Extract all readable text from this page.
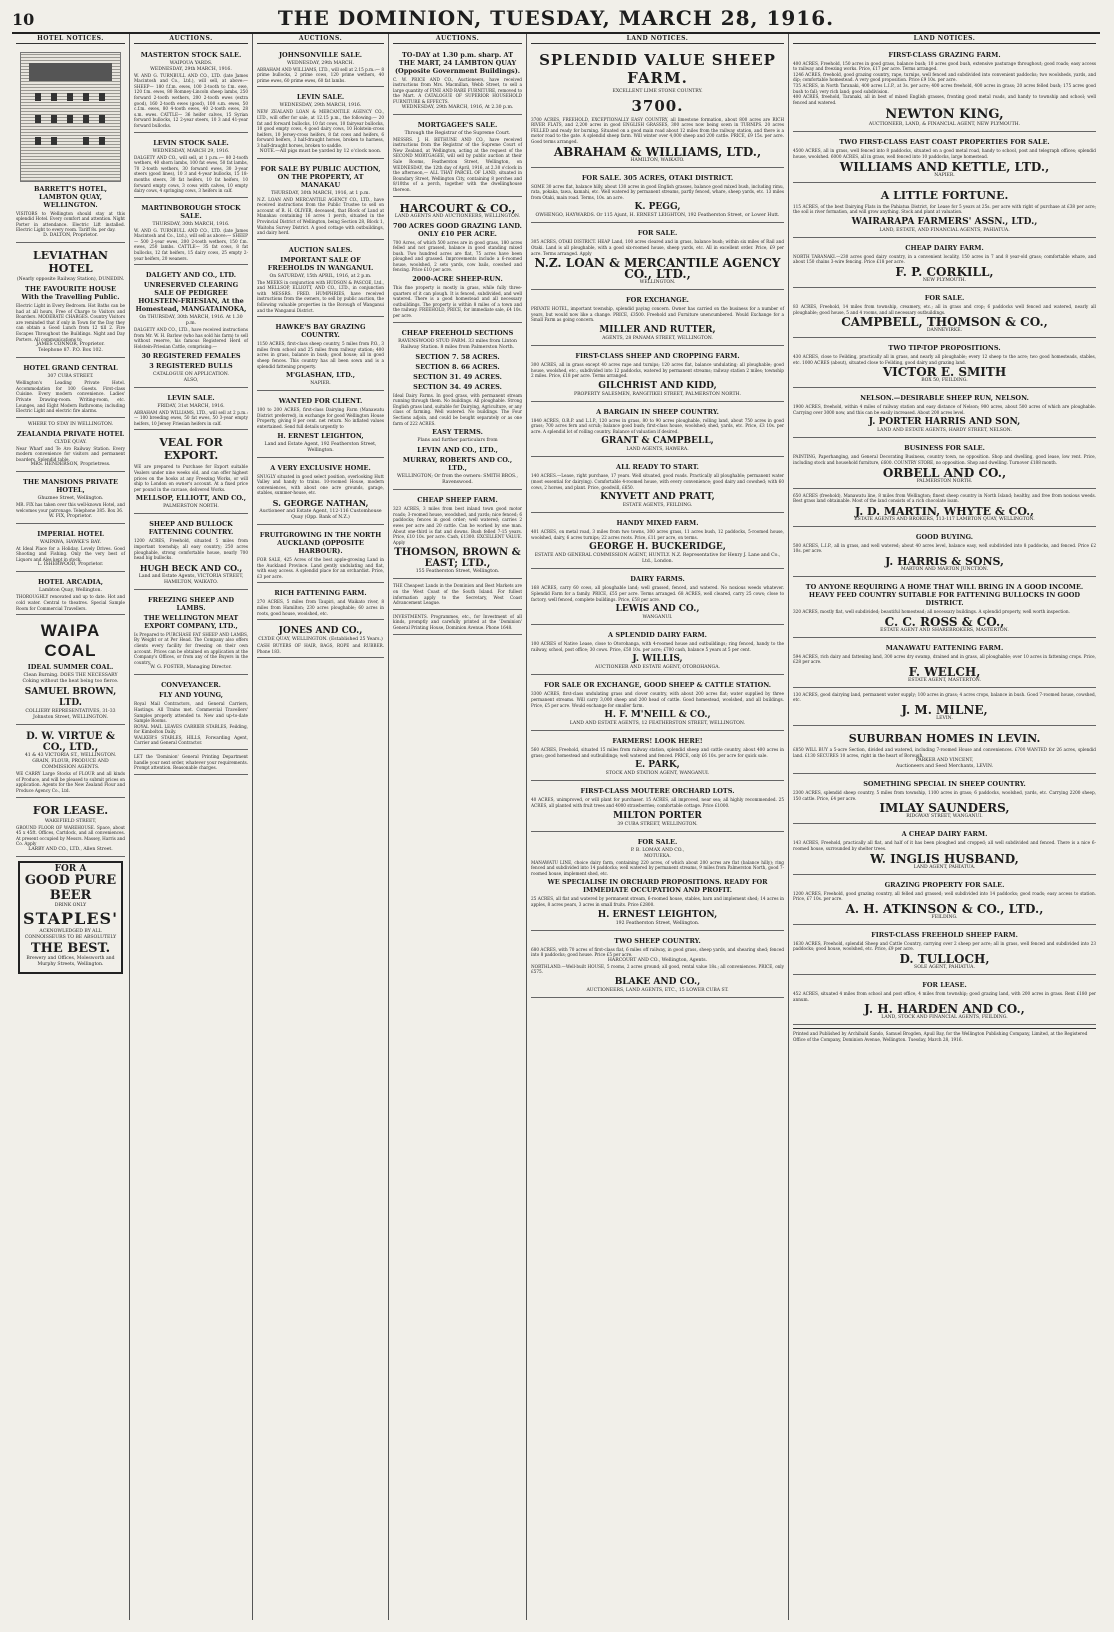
10	THE DOMINION, TUESDAY, MARCH 28, 1916.
HOTEL NOTICES.
BARRETT'S HOTEL, LAMBTON QUAY, WELLINGTON.
VISITORS to Wellington should stay at this splendid Hotel. Every comfort and attention. Night Porter in attendance. Electric Lift installed. Electric Light to every room. Tariff 8s. per day.
D. DALTON, Proprietor.
LEVIATHAN HOTEL
(Nearly opposite Railway Station), DUNEDIN.
THE FAVOURITE HOUSE With the Travelling Public.
Electric Light in Every Bedroom. Hot Baths can be had at all hours, Free of Charge to Visitors and Boarders. MODERATE CHARGES. Country Visitors are reminded that if only in Town for the Day they can obtain a Good Lunch from 12 till 2. Fire Escapes Throughout the Buildings. Night and Day Porters. All communications to
JAMES CONNOR, Proprietor.
Telephone 87. P.O. Box 102.
HOTEL GRAND CENTRAL
307 CUBA STREET.
Wellington's Leading Private Hotel. Accommodation for 100 Guests. First-class Cuisine. Every modern convenience. Ladies' Private Drawing-room. Writing-room, etc. Lounges, and Eight Modern Bathrooms; including Electric Light and electric fire alarms.
WHERE TO STAY IN WELLINGTON.
ZEALANDIA PRIVATE HOTEL
CLYDE QUAY.
Near Wharf and Te Aro Railway Station. Every modern convenience for visitors and permanent boarders. Splendid table.
MRS. HENDERSON, Proprietress.
THE MANSIONS PRIVATE HOTEL,
Ghuznee Street, Wellington.
MR. FIX has taken over this well-known Hotel, and welcomes your patronage. Telephone 385. Box 36.
W. FIX, Proprietor.
IMPERIAL HOTEL
WAIPAWA, HAWKE'S BAY.
At Ideal Place for a Holiday. Lovely Drives. Good Shooting and Fishing. Only the very best of Liquors and Ales kept in stock.
L. ISHERWOOD, Proprietor.
HOTEL ARCADIA,
Lambton Quay, Wellington.
THOROUGHLY renovated and up to date. Hot and cold water. Central to theatres. Special Sample Room for Commercial Travellers.
WAIPA COAL
IDEAL SUMMER COAL.
Clean Burning. DOES THE NECESSARY Coking without the heat being too fierce.
SAMUEL BROWN, LTD.
COLLIERY REPRESENTATIVES, 31-33 Johnston Street, WELLINGTON.
D. W. VIRTUE & CO., LTD.,
41 & 43 VICTORIA ST., WELLINGTON. GRAIN, FLOUR, PRODUCE AND COMMISSION AGENTS.
WE CARRY Large Stocks of FLOUR and all kinds of Produce, and will be pleased to submit prices on application. Agents for the New Zealand Flour and Produce Agency Co., Ltd.
FOR LEASE.
WAKEFIELD STREET,
GROUND FLOOR OF WAREHOUSE. Space, about 45 x 45ft. Offices, Cartdock, and all conveniences. At present occupied by Messrs. Massey, Harris and Co. Apply
LARBY AND CO., LTD., Allen Street.
FOR A
GOOD PURE BEER
DRINK ONLY
STAPLES'
ACKNOWLEDGED BY ALL CONNOISSEURS TO BE ABSOLUTELY
THE BEST.
Brewery and Offices, Molesworth and Murphy Streets, Wellington.
AUCTIONS.
MASTERTON STOCK SALE.
WAIPOUA YARDS.
WEDNESDAY, 29th MARCH, 1916.
W. AND G. TURNBULL AND CO., LTD. (late James Macintosh and Co., Ltd.), will sell, at above:— SHEEP— 180 f.f.m. ewes, 100 2-tooth to f.m. ewe, 120 f.m. ewes, 80 Romney-Lincoln sheep lambs, 250 forward 2-tooth wethers, 200 2-tooth ewes (extra good), 160 2-tooth ewes (good), 100 s.m. ewes, 50 c.f.m. ewes, 80 4-tooth ewes, 40 2-tooth ewes, 28 s.m. ewes. CATTLE— 36 heifer calves, 15 Syrian forward bullocks, 12 2-year steers, 10 3 and 41-year forward bullocks.
LEVIN STOCK SALE.
WEDNESDAY, MARCH 29, 1916.
DALGETY AND CO., will sell, at 1 p.m.:— 80 2-tooth wethers, 40 shorn lambs, 100 fat ewes, 50 fat lambs, 70 2-tooth wethers, 30 forward ewes, 30 3-year steers (good lines), 10 3 and 4-year bullocks, 15 18-months steers, 30 fat heifers, 10 fat heifers, 10 forward empty cows, 3 cows with calves, 10 empty dairy cows, 4 springing cows, 3 heifers in calf.
MARTINBOROUGH STOCK SALE.
THURSDAY, 30th MARCH, 1916.
W. AND G. TURNBULL AND CO., LTD. (late James Macintosh and Co., Ltd.), will sell as above:— SHEEP— 500 2-year ewes, 200 2-tooth wethers, 150 f.m. ewes, 250 lambs. CATTLE— 35 fat cows, 8 fat bullocks, 12 fat heifers, 15 dairy cows, 25 empty 2-year heifers, 20 weaners.
DALGETY AND CO., LTD.
UNRESERVED CLEARING SALE OF PEDIGREE HOLSTEIN-FRIESIAN, At the Homestead, MANGATAINOKA,
On THURSDAY, 30th MARCH, 1916. At 1.30 p.m.
DALGETY AND CO., LTD., have received instructions from Mr. W. H. Barlow (who has sold his farm) to sell without reserve, his famous Registered Herd of Holstein-Friesian Cattle, comprising:—
30 REGISTERED FEMALES
3 REGISTERED BULLS
CATALOGUE ON APPLICATION.
ALSO,
LEVIN SALE.
FRIDAY, 31st MARCH, 1916.
ABRAHAM AND WILLIAMS, LTD., will sell at 2 p.m.:— 100 breeding ewes, 50 fat ewes, 50 3-year empty heifers, 10 Jersey Friesian heifers in calf.
VEAL FOR EXPORT.
WE are prepared to Purchase for Export suitable Vealers under nine weeks old, and can offer highest prices on the hooks at any Freezing Works, or will ship to London on owner's account. At a fixed price per pound in the carcase, delivered Works.
MELLSOP, ELLIOTT, AND CO.,
PALMERSTON NORTH.
SHEEP AND BULLOCK FATTENING COUNTRY.
1200 ACRES, Freehold, situated 5 miles from important township; all easy country; 250 acres ploughable, strong comfortable house, nearly 700 head big bullocks.
HUGH BECK AND CO.,
Land and Estate Agents, VICTORIA STREET, HAMILTON, WAIKATO.
FREEZING SHEEP AND LAMBS.
THE WELLINGTON MEAT EXPORT COMPANY, LTD.,
Is Prepared to PURCHASE FAT SHEEP AND LAMBS, By Weight or at Per Head. The Company also offers clients every facility for freezing on their own account. Prices can be obtained on application at the Company's Offices, or from any of the Buyers in the country.
W. G. FOSTER, Managing Director.
CONVEYANCER.
FLY AND YOUNG,
Royal Mail Contractors, and General Carriers, Hastings. All Trains met. Commercial Travellers' Samples properly attended to. New and up-to-date Sample Rooms.
ROYAL MAIL LEAVES CARRIER STABLES, Feilding, for Kimbolton Daily.
WALKER'S STABLES, HILLS, Forwarding Agent, Carrier and General Contractor.
LET the 'Dominion' General Printing Department handle your next order, whatever your requirements. Prompt attention. Reasonable charges.
AUCTIONS.
JOHNSONVILLE SALE.
WEDNESDAY, 29th MARCH.
ABRAHAM AND WILLIAMS, LTD., will sell at 2.15 p.m.:— 8 prime bullocks, 2 prime cows, 120 prime wethers, 40 prime ewes, 60 prime ewes, 60 fat lambs.
LEVIN SALE.
WEDNESDAY, 29th MARCH, 1916.
NEW ZEALAND LOAN & MERCANTILE AGENCY CO., LTD., will offer for sale, at 12.15 p.m., the following:— 20 fat and forward bullocks, 10 fat cows, 10 fairyear bullocks, 10 good empty cows, 4 good dairy cows, 10 Holstein-cross heifers, 10 Jersey-cross heifers, 8 fat cows and heifers, 6 forward heifers, 3 half-draught horses, broken to harness, 3 half-draught horses, broken to saddle.
NOTE.—All pigs must be yarded by 12 o'clock noon.
FOR SALE BY PUBLIC AUCTION, ON THE PROPERTY, AT MANAKAU
THURSDAY, 30th MARCH, 1916, at 1 p.m.
N.Z. LOAN AND MERCANTILE AGENCY CO., LTD., have received instructions from the Public Trustee to sell on account of R. H. OLIVER, deceased, that Block of Land at Manakau containing 16 acres 1 perch, situated in the Provincial District of Wellington, being Section 28, Block 1, Waitohu Survey District. A good cottage with outbuildings, and dairy herd.
AUCTION SALES.
IMPORTANT SALE OF FREEHOLDS IN WANGANUI.
On SATURDAY, 15th APRIL, 1916, at 2 p.m.
The MEEKS in conjunction with HUDSON & PASCOE, Ltd., and MELLSOP, ELLIOTT, AND CO., LTD., in conjunction with MESSRS. FRED. HUMPHRIES, have received instructions from the owners, to sell by public auction, the following valuable properties in the Borough of Wanganui and the Wanganui District.
HAWKE'S BAY GRAZING COUNTRY.
1150 ACRES, first-class sheep country, 5 miles from P.O., 3 miles from school and 25 miles from railway station; 400 acres in grass, balance in bush; good house; all in good sheep fences. This country has all been sown and is a splendid fattening property.
M'GLASHAN, LTD.,
NAPIER.
WANTED FOR CLIENT.
100 to 200 ACRES, first-class Dairying Farm (Manawatu District preferred), in exchange for good Wellington House Property, giving 8 per cent. net return. No inflated values entertained. Send full details urgently to
H. ERNEST LEIGHTON,
Land and Estate Agent, 192 Featherston Street, Wellington.
A VERY EXCLUSIVE HOME.
SNUGLY situated in good select position, overlooking Hutt Valley and handy to trains. 10-roomed House, modern conveniences, with about one acre grounds, garage, stables, summer-house, etc.
S. GEORGE NATHAN,
Auctioneer and Estate Agent, 112-116 Customhouse Quay (Opp. Bank of N.Z.)
FRUITGROWING IN THE NORTH AUCKLAND (OPPOSITE HARBOUR).
FOR SALE, 425 Acres of the best apple-growing Land in the Auckland Province. Land gently undulating and flat, with easy access. A splendid place for an orchardist. Price, £3 per acre.
RICH FATTENING FARM.
270 ACRES, 5 miles from Taupiri, and Waikato river, 8 miles from Hamilton; 230 acres ploughable; 60 acres in roots, good house, woolshed, etc.
JONES AND CO.,
CLYDE QUAY, WELLINGTON. (Established 25 Years.)
CASH BUYERS OF HAIR, BAGS, ROPE and RUBBER. Phone 183.
AUCTIONS.
TO-DAY at 1.30 p.m. sharp. AT THE MART, 24 LAMBTON QUAY (Opposite Government Buildings).
C. W. PRICE AND CO., Auctioneers, have received instructions from Mrs. Macmillan, Webb Street, to sell a large quantity of FINE AND RARE FURNITURE, removed to the Mart. A CATALOGUE OF SUPERIOR HOUSEHOLD FURNITURE & EFFECTS.
WEDNESDAY, 29th MARCH, 1916, At 2.30 p.m.
MORTGAGEE'S SALE.
Through the Registrar of the Supreme Court.
MESSRS. J. H. BETHUNE AND CO., have received instructions from the Registrar of the Supreme Court of New Zealand, at Wellington, acting at the request of the SECOND MORTGAGEE, will sell by public auction at their Sale Rooms, Featherston Street, Wellington, on WEDNESDAY, the 12th day of April, 1916, at 2.30 o'clock in the afternoon,— ALL THAT PARCEL OF LAND, situated in Boundary Street, Wellington City, containing 8 perches and 8/10ths of a perch, together with the dwellinghouse thereon.
HARCOURT & CO.,
LAND AGENTS AND AUCTIONEERS, WELLINGTON.
700 ACRES GOOD GRAZING LAND. ONLY £10 PER ACRE.
700 Acres, of which 500 acres are in good grass, 180 acres felled and not grassed, balance in good standing mixed bush. Two hundred acres are flat, 75 acres have been ploughed and grassed. Improvements include a 6-roomed house, woolshed, 2 sets yards, cow bails, cowshed and fencing. Price £10 per acre.
2000-ACRE SHEEP-RUN.
This fine property is mostly in grass, while fully three-quarters of it can plough. It is fenced, subdivided, and well watered. There is a good homestead and all necessary outbuildings. The property is within 8 miles of a town and the railway. FREEHOLD, PRICE, for immediate sale, £4 10s. per acre.
CHEAP FREEHOLD SECTIONS
RAVENSWOOD STUD FARM. 33 miles from Linton Railway Station. 8 miles from Palmerston North.
SECTION 7. 58 ACRES.
SECTION 8. 66 ACRES.
SECTION 31. 49 ACRES.
SECTION 34. 49 ACRES.
Ideal Dairy Farms. In good grass, with permanent stream running through them. No buildings. All ploughable. Strong English grass land, suitable for Dairying, Agriculture, or any class of farming. Well watered. No buildings. The Four Sections adjoin, and could be bought separately or as one farm of 222 ACRES.
EASY TERMS.
Plans and further particulars from
LEVIN AND CO., LTD.,
MURRAY, ROBERTS AND CO., LTD.,
WELLINGTON; Or from the owners: SMITH BROS., Ravenswood.
CHEAP SHEEP FARM.
323 ACRES, 3 miles from best inland town good motor roads; 3-roomed house, woodshed, and yards; nice fenced; 6 paddocks; fences in good order; well watered; carries 2 ewes per acre and 20 cattle. Can be worked by one man. About one-third is flat and downs. Bush felled 7-15 years. Price, £10 10s. per acre. Cash, £1300. EXCELLENT VALUE. Apply
THOMSON, BROWN & EAST; LTD.,
155 Featherston Street, Wellington.
THE Cheapest Lands in the Dominion and Best Markets are on the West Coast of the South Island. For fullest information apply to the Secretary, West Coast Advancement League.
INVESTMENTS. Programmes, etc., for Investment of all kinds, promptly and carefully printed at the 'Dominion' General Printing House, Dominion Avenue. Phone 1648.
LAND NOTICES.
SPLENDID VALUE SHEEP FARM.
EXCELLENT LIME STONE COUNTRY.
3700.
3700 ACRES, FREEHOLD, EXCEPTIONALLY EASY COUNTRY, all limestone formation, about 800 acres are RICH RIVER FLATS, and 2,200 acres in good ENGLISH GRASSES, 300 acres now being sown in TURNIPS. 20 acres FELLED and ready for burning. Situated on a good main road about 12 miles from the railway station, and there is a motor road to the gate. A splendid sheep farm. Will winter over 4,000 sheep and 200 cattle. PRICE, £9 15s. per acre. Good terms arranged.
ABRAHAM & WILLIAMS, LTD.,
HAMILTON, WAIKATO.
FOR SALE. 305 ACRES, OTAKI DISTRICT.
SOME 30 acres flat, balance hilly, about 130 acres in good English grasses, balance good mixed bush, including rimu, rata, pokaka, tawa, kamahi, etc. Well watered by permanent streams, partly fenced, whare, sheep yards, etc. 13 miles from Otaki, main road. Terms, 10s. an acre.
K. PEGG,
OWHENGO, HAYWARDS. Or 115 Ajunt, H. ERNEST LEIGHTON, 192 Featherston Street, or Lower Hutt.
FOR SALE.
305 ACRES, OTAKI DISTRICT. HEAP Land, 100 acres cleared and in grass, balance bush; within six miles of Rail and Otaki. Land is all ploughable, with a good six-roomed house, sheep yards, etc. All in excellent order. Price, £9 per acre. Terms arranged. Apply
N.Z. LOAN & MERCANTILE AGENCY CO., LTD.,
WELLINGTON.
FOR EXCHANGE.
PRIVATE HOTEL, important township, splendid paying concern. Owner has carried on the business for a number of years, but would now like a change. PRICE, £3500. Freehold and Furniture unencumbered. Would Exchange for a Small Farm as going concern.
MILLER AND RUTTER,
AGENTS, 28 PANAMA STREET, WELLINGTON.
FIRST-CLASS SHEEP AND CROPPING FARM.
300 ACRES, all in grass except 40 acres rape and turnips; 120 acres flat, balance undulating; all ploughable; good house, woolshed, etc.; subdivided into 12 paddocks, watered by permanent streams; railway station 2 miles; township 2 miles. Price, £18 per acre. Terms arranged.
GILCHRIST AND KIDD,
PROPERTY SALESMEN, RANGITIKEI STREET, PALMERSTON NORTH.
A BARGAIN IN SHEEP COUNTRY.
1840 ACRES, O.R.P. and L.I.P., 120 acres in grass, 80 to 90 acres ploughable, rolling land, about 750 acres in good grass; 700 acres fern and scrub; balance good bush; first-class house, woolshed; shed, yards, etc. Price, £3 10s. per acre. A splendid lot of rolling country. Balance of valuation if desired.
GRANT & CAMPBELL,
LAND AGENTS, HAWERA.
ALL READY TO START.
140 ACRES.—Lease, right purchase, 17 years. Well situated, good roads. Practically all ploughable; permanent water (most essential for dairying). Comfortable 4-roomed house, with every convenience; good dairy and cowshed; with 60 cows, 2 horses, and plant. Price, goodwill, £650.
KNYVETT AND PRATT,
ESTATE AGENTS, FEILDING.
HANDY MIXED FARM.
401 ACRES, on metal road, 3 miles from two towns, 300 acres grass, 11 acres bush, 12 paddocks, 5-roomed house, woolshed, dairy, 6 acres turnips; 22 acres roots. Price, £11 per acre, on terms.
GEORGE H. BUCKERIDGE,
ESTATE AND GENERAL COMMISSION AGENT, HUNTLY. N.Z. Representative for Henry J. Lane and Co., Ltd., London.
DAIRY FARMS.
168 ACRES, carry 60 cows, all ploughable land; well grassed, fenced, and watered. No noxious weeds whatever. Splendid Farm for a family. PRICE, £55 per acre. Terms arranged. 68 ACRES, well cleared, carry 25 cows; close to factory, well fenced, complete buildings. Price, £58 per acre.
LEWIS AND CO.,
WANGANUI.
A SPLENDID DAIRY FARM.
100 ACRES of Native Lease, close to Otorohanga, with 4-roomed house and outbuildings; ring fenced, handy to the railway, school, post office; 30 cows. Price, £50 10s. per acre; £700 cash, balance 5 years at 5 per cent.
J. WILLIS,
AUCTIONEER AND ESTATE AGENT, OTOROHANGA.
FOR SALE OR EXCHANGE, GOOD SHEEP & CATTLE STATION.
3300 ACRES, first-class undulating grass and clover country, with about 200 acres flat; water supplied by three permanent streams. Will carry 3,000 sheep and 200 head of cattle. Good homestead, woolshed, and all buildings. Price, £5 per acre. Would exchange for smaller farm.
H. F. M'NEILL & CO.,
LAND AND ESTATE AGENTS, 12 FEATHERSTON STREET, WELLINGTON.
FARMERS! LOOK HERE!
560 ACRES, Freehold, situated 15 miles from railway station, splendid sheep and cattle country, about 400 acres in grass; good homestead and outbuildings; well watered and fenced. PRICE, only £6 10s. per acre for quick sale.
E. PARK,
STOCK AND STATION AGENT, WANGANUI.
FIRST-CLASS MOUTERE ORCHARD LOTS.
40 ACRES, unimproved, or will plant for purchaser. 15 ACRES, all improved, near sea; all highly recommended. 25 ACRES, all planted with fruit trees and 4000 strawberries; comfortable cottage. Price £1000.
MILTON PORTER
39 CUBA STREET, WELLINGTON.
FOR SALE.
P. B. LOMAX AND CO.,
MOTUEKA.
MANAWATU LINE, choice dairy farm, containing 220 acres, of which about 200 acres are flat (balance hilly); ring fenced and subdivided into 14 paddocks; well watered by permanent streams, 9 miles from Palmerston North, good 7-roomed house, implement shed, etc.
WE SPECIALISE IN ORCHARD PROPOSITIONS. READY FOR IMMEDIATE OCCUPATION AND PROFIT.
25 ACRES, all flat and watered by permanent stream, 6-roomed house, stables, barn and implement shed; 14 acres in apples, 8 acres pears, 3 acres in small fruits. Price £2800.
H. ERNEST LEIGHTON,
192 Featherston Street, Wellington.
TWO SHEEP COUNTRY.
680 ACRES, with 70 acres of first-class flat, 6 miles off railway, in good grass, sheep yards, and shearing shed; fenced into 8 paddocks; good house. Price £5 per acre.
HARCOURT AND CO., Wellington, Agents.
NORTHLAND.—Well-built HOUSE, 5 rooms, 2 acres ground; all good, rental value 18s.; all conveniences. PRICE, only £575.
BLAKE AND CO.,
AUCTIONEERS, LAND AGENTS, ETC., 15 LOWER CUBA ST.
LAND NOTICES.
FIRST-CLASS GRAZING FARM.
400 ACRES, Freehold, 150 acres in good grass, balance bush; 10 acres good bush, extensive pasturage throughout; good roads; easy access to railway and freezing works. Price, £17 per acre. Terms arranged.
1246 ACRES, freehold, good grazing country, rape, turnips, well fenced and subdivided into convenient paddocks; two woolsheds, yards, and dip; comfortable homestead. A very good proposition. Price £9 10s. per acre.
735 ACRES, in North Taranaki, 400 acres L.I.P., at 3s. per acre; 400 acres freehold, 400 acres in grass; 20 acres felled bush; 175 acres good bush to fall; very rich land; good subdivision.
400 ACRES, freehold, Taranaki, all in best of mixed English grasses, fronting good metal roads, and handy to township and school; well fenced and watered.
NEWTON KING,
AUCTIONEER, LAND, & FINANCIAL AGENT, NEW PLYMOUTH.
TWO FIRST-CLASS EAST COAST PROPERTIES FOR SALE.
4500 ACRES, all in grass, well fenced into 8 paddocks, situated on a good metal road, handy to school, post and telegraph offices; splendid house, woolshed. 6000 ACRES, all in grass, well fenced into 10 paddocks, large homestead.
WILLIAMS AND KETTLE, LTD.,
NAPIER.
A LITTLE FORTUNE.
115 ACRES, of the best Dairying Flats in the Pahiatua District, for Lease for 5 years at 25s. per acre with right of purchase at £38 per acre; the soil is river formation, and will grow anything. Stock and plant at valuation.
WAIRARAPA FARMERS' ASSN., LTD.,
LAND, ESTATE, AND FINANCIAL AGENTS, PAHIATUA.
CHEAP DAIRY FARM.
NORTH TARANAKI.—230 acres good dairy country, in a convenient locality, 150 acres in 7 and 8 year-old grass; comfortable whare, and about 150 chains 3-wire fencing. Price £18 per acre.
F. P. CORKILL,
NEW PLYMOUTH.
FOR SALE.
83 ACRES, Freehold, 14 miles from township, creamery, etc.; all in grass and crop; 6 paddocks well fenced and watered, nearly all ploughable; good house, 5 and 4 rooms, and all necessary outbuildings.
CAMPBELL, THOMSON & CO.,
DANNEVIRKE.
TWO TIP-TOP PROPOSITIONS.
430 ACRES, close to Feilding, practically all in grass, and nearly all ploughable; every 12 sheep to the acre; two good homesteads, stables, etc. 1000 ACRES (about), situated close to Feilding, good dairy and grazing land.
VICTOR E. SMITH
BOX 50, FEILDING.
NELSON.—DESIRABLE SHEEP RUN, NELSON.
1900 ACRES, freehold, within 4 miles of railway station and easy distance of Nelson; 900 acres, about 500 acres of which are ploughable. Carrying over 3000 now, and this can be easily increased. About 200 acres level.
J. PORTER HARRIS AND SON,
LAND AND ESTATE AGENTS, HARDY STREET, NELSON.
BUSINESS FOR SALE.
PAINTING, Paperhanging, and General Decorating Business, country town, no opposition. Shop and dwelling, good lease, low rent. Price, including stock and household furniture, £600. COUNTRY STORE, no opposition. Shop and dwelling. Turnover £188 month.
ORBELL AND CO.,
PALMERSTON NORTH.
650 ACRES (freehold), Manawatu line, 8 miles from Wellington; finest sheep country in North Island; healthy, and free from noxious weeds. Best grass land obtainable. Most of the land consists of a rich chocolate loam.
J. D. MARTIN, WHYTE & CO.,
ESTATE AGENTS AND BROKERS, 113-117 LAMBTON QUAY, WELLINGTON.
GOOD BUYING.
500 ACRES, L.I.P., all in grass, and well watered; about 40 acres level, balance easy, well subdivided into 8 paddocks, and fenced. Price £2 10s. per acre.
J. HARRIS & SONS,
MARTON AND MARTON JUNCTION.
TO ANYONE REQUIRING A HOME THAT WILL BRING IN A GOOD INCOME. HEAVY FEED COUNTRY SUITABLE FOR FATTENING BULLOCKS IN GOOD DISTRICT.
320 ACRES, mostly flat, well subdivided; beautiful homestead; all necessary buildings. A splendid property, well worth inspection.
C. C. ROSS & CO.,
ESTATE AGENT AND SHAREBROKERS, MASTERTON.
MANAWATU FATTENING FARM.
594 ACRES, rich dairy and fattening land, 300 acres dry swamp, drained and in grass, all ploughable; over 10 acres in fattening crops. Price, £28 per acre.
F. WELCH,
ESTATE AGENT, MASTERTON.
130 ACRES, good dairying land, permanent water supply; 100 acres in grass; 4 acres crops, balance in bush. Good 7-roomed house, cowshed, etc.
J. M. MILNE,
LEVIN.
SUBURBAN HOMES IN LEVIN.
£850 WILL BUY a 5-acre Section, divided and watered, including 7-roomed House and conveniences. £700 WANTED for 26 acres, splendid land. £130 SECURES 10 acres, right in the heart of Borough.
PARKER AND VINCENT,
Auctioneers and Seed Merchants, LEVIN.
SOMETHING SPECIAL IN SHEEP COUNTRY.
2300 ACRES, splendid sheep country, 5 miles from township, 1100 acres in grass; 6 paddocks, woolshed, yards, etc. Carrying 2200 sheep, 150 cattle. Price, £4 per acre.
IMLAY SAUNDERS,
RIDGWAY STREET, WANGANUI.
A CHEAP DAIRY FARM.
143 ACRES, Freehold, practically all flat, and half of it has been ploughed and cropped; all well subdivided and fenced. There is a nice 6-roomed house, surrounded by shelter trees.
W. INGLIS HUSBAND,
LAND AGENT, PAHIATUA.
GRAZING PROPERTY FOR SALE.
1200 ACRES, Freehold, good grazing country, all felled and grassed; well subdivided into 14 paddocks; good roads; easy access to station. Price, £7 10s. per acre.
A. H. ATKINSON & CO., LTD.,
FEILDING.
FIRST-CLASS FREEHOLD SHEEP FARM.
1630 ACRES, Freehold, splendid Sheep and Cattle Country, carrying over 2 sheep per acre; all in grass, well fenced and subdivided into 23 paddocks; good house, woolshed, etc. Price, £9 per acre.
D. TULLOCH,
SOLE AGENT, PAHIATUA.
FOR LEASE.
452 ACRES, situated 4 miles from school and post office, 4 miles from township; good grazing land, with 200 acres in grass. Rent £180 per annum.
J. H. HARDEN AND CO.,
LAND, STOCK AND FINANCIAL AGENTS, FEILDING.
Printed and Published by Archibald Sando, Samuel Brogden, Apuil Bay, for the Wellington Publishing Company, Limited, at the Registered Office of the Company, Dominion Avenue, Wellington. Tuesday, March 28, 1916.
